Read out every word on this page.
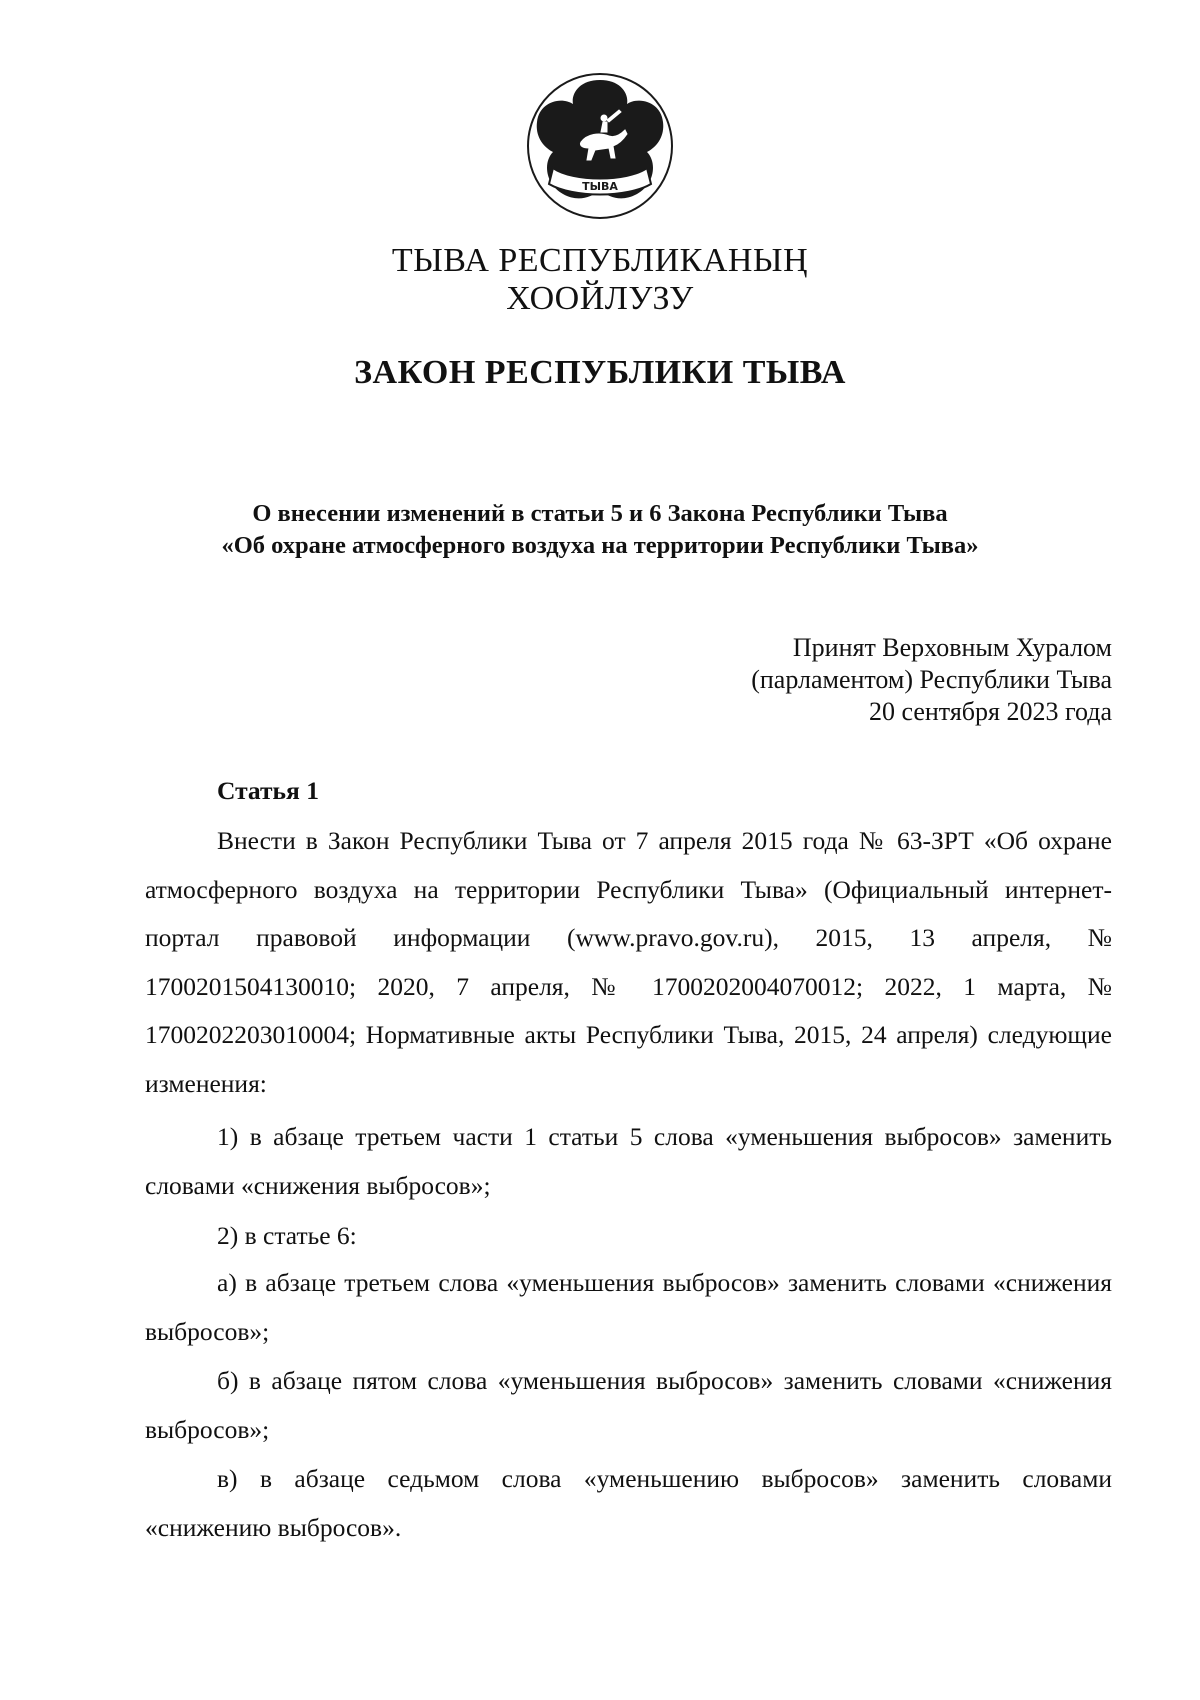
ТЫВА
ТЫВА РЕСПУБЛИКАНЫҢ
ХООЙЛУЗУ
ЗАКОН РЕСПУБЛИКИ ТЫВА
О внесении изменений в статьи 5 и 6 Закона Республики Тыва
«Об охране атмосферного воздуха на территории Республики Тыва»
Принят Верховным Хуралом
(парламентом) Республики Тыва
20 сентября 2023 года
Статья 1

Внести в Закон Республики Тыва от 7 апреля 2015 года № 63-ЗРТ «Об охране атмосферного воздуха на территории Республики Тыва» (Официальный интернет-портал правовой информации (www.pravo.gov.ru), 2015, 13 апреля, № 1700201504130010; 2020, 7 апреля, № 1700202004070012; 2022, 1 марта, № 1700202203010004; Нормативные акты Республики Тыва, 2015, 24 апреля) следующие изменения:

1) в абзаце третьем части 1 статьи 5 слова «уменьшения выбросов» заменить словами «снижения выбросов»;

2) в статье 6:

а) в абзаце третьем слова «уменьшения выбросов» заменить словами «снижения выбросов»;

б) в абзаце пятом слова «уменьшения выбросов» заменить словами «снижения выбросов»;

в) в абзаце седьмом слова «уменьшению выбросов» заменить словами «снижению выбросов».
